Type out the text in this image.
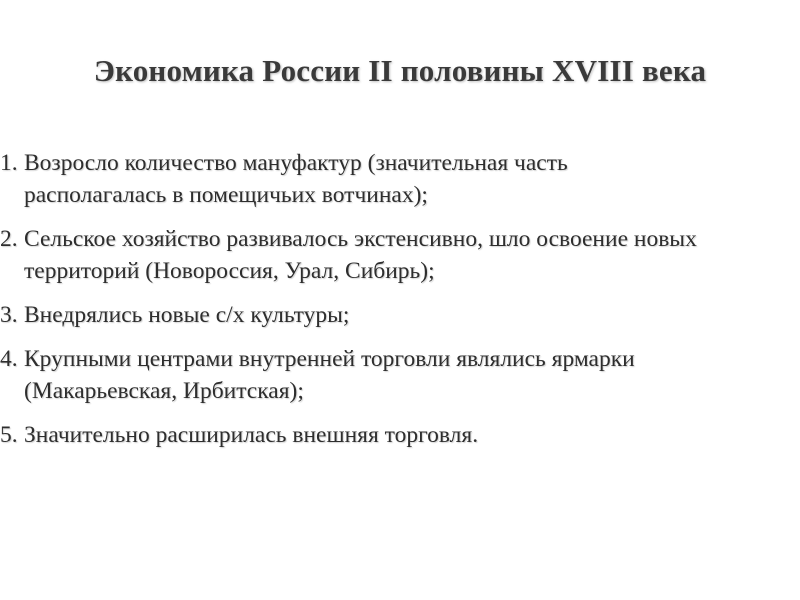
Экономика России II половины XVIII века
1. Возросло количество мануфактур (значительная часть располагалась в помещичьих вотчинах);
2. Сельское хозяйство развивалось экстенсивно, шло освоение новых территорий (Новороссия, Урал, Сибирь);
3. Внедрялись новые с/х культуры;
4. Крупными центрами внутренней торговли являлись ярмарки (Макарьевская, Ирбитская);
5. Значительно расширилась внешняя торговля.
